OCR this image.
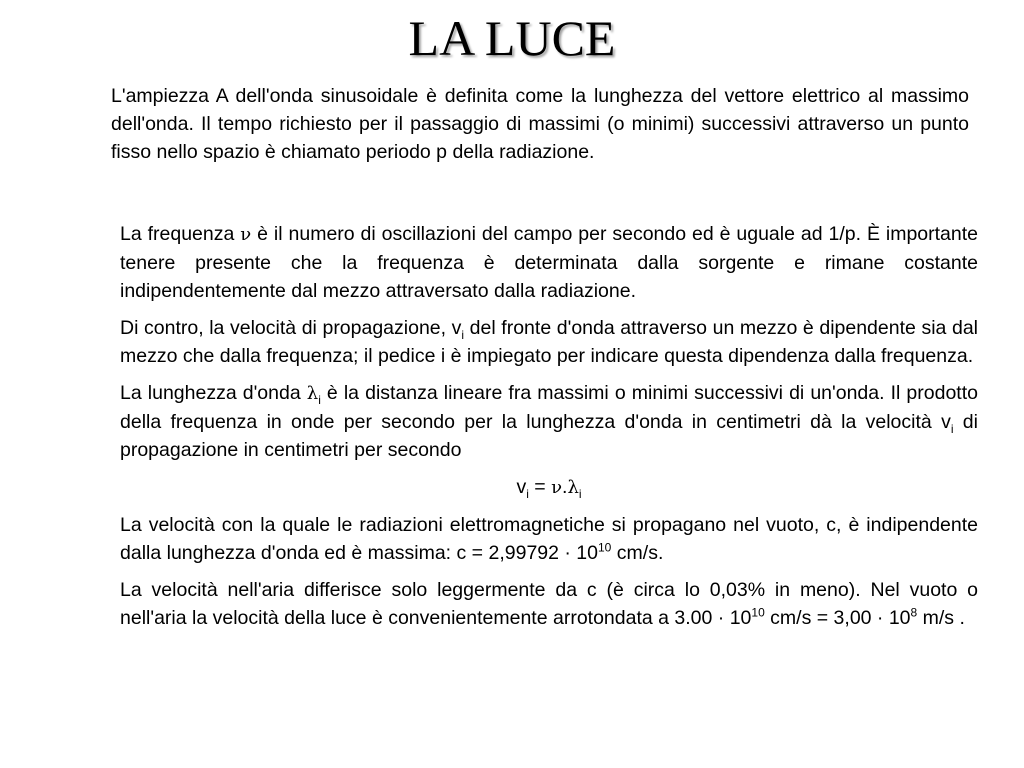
LA LUCE

L'ampiezza A dell'onda sinusoidale è definita come la lunghezza del vettore elettrico al massimo dell'onda. Il tempo richiesto per il passaggio di massimi (o minimi) successivi attraverso un punto fisso nello spazio è chiamato periodo p della radiazione.

La frequenza ν è il numero di oscillazioni del campo per secondo ed è uguale ad 1/p. È importante tenere presente che la frequenza è determinata dalla sorgente e rimane costante indipendentemente dal mezzo attraversato dalla radiazione.

Di contro, la velocità di propagazione, $v_i$ del fronte d'onda attraverso un mezzo è dipendente sia dal mezzo che dalla frequenza; il pedice i è impiegato per indicare questa dipendenza dalla frequenza.

La lunghezza d'onda $\lambda_i$ è la distanza lineare fra massimi o minimi successivi di un'onda. Il prodotto della frequenza in onde per secondo per la lunghezza d'onda in centimetri dà la velocità $v_i$ di propagazione in centimetri per secondo

$v_i = \nu.\lambda_i$

La velocità con la quale le radiazioni elettromagnetiche si propagano nel vuoto, c, è indipendente dalla lunghezza d'onda ed è massima: $c = 2,99792 \cdot 10^{10}$ cm/s.

La velocità nell'aria differisce solo leggermente da c (è circa lo 0,03% in meno). Nel vuoto o nell'aria la velocità della luce è convenientemente arrotondata a $3.00 \cdot 10^{10}$ $cm/s = 3,00 \cdot 10^8$ m/s .
